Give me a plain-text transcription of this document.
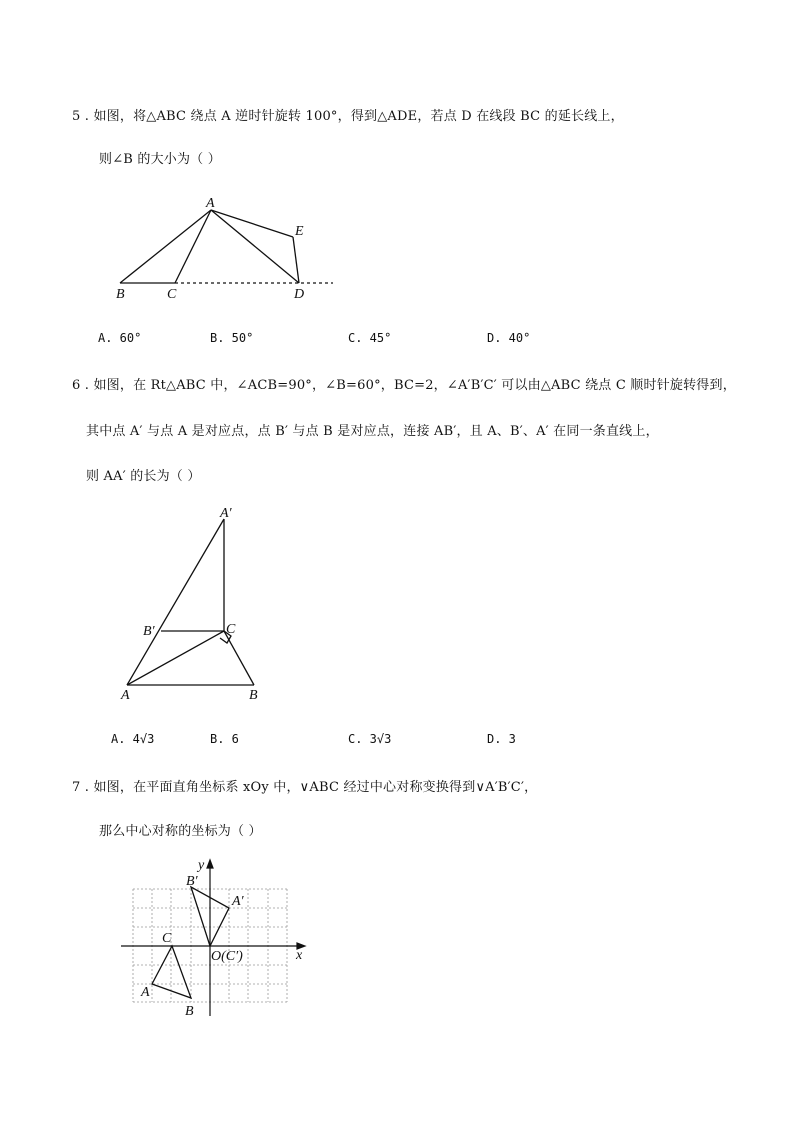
5 . 如图，将△ABC 绕点 A 逆时针旋转 100°，得到△ADE，若点 D 在线段 BC 的延长线上，
则∠B 的大小为（ ）
A
B	C	D
E
A. 60°	B. 50°	C. 45°	D. 40°
6 . 如图，在 Rt△ABC 中，∠ACB=90°，∠B=60°，BC=2，∠A′B′C′ 可以由△ABC 绕点 C 顺时针旋转得到，
其中点 A′ 与点 A 是对应点，点 B′ 与点 B 是对应点，连接 AB′，且 A、B′、A′ 在同一条直线上，
则 AA′ 的长为（ ）
A′
B′	C
A	B
A. 4√3	B. 6	C. 3√3	D. 3
7 . 如图，在平面直角坐标系 xOy 中，∨ABC 经过中心对称变换得到∨A′B′C′，
那么中心对称的坐标为（ ）
y
x
B′
A′
C
O(C′)
A
B
